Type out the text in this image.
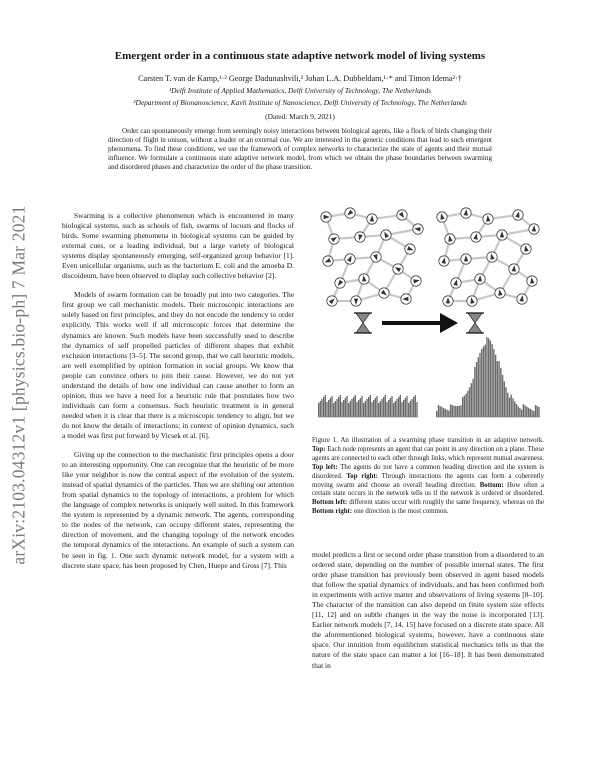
arXiv:2103.04312v1 [physics.bio-ph] 7 Mar 2021
Emergent order in a continuous state adaptive network model of living systems
Carsten T. van de Kamp,¹·² George Dadunashvili,² Johan L.A. Dubbeldam,¹·* and Timon Idema²·†
¹Delft Institute of Applied Mathematics, Delft University of Technology, The Netherlands
²Department of Bionanoscience, Kavli Institute of Nanoscience, Delft University of Technology, The Netherlands
(Dated: March 9, 2021)
Order can spontaneously emerge from seemingly noisy interactions between biological agents, like a flock of birds changing their direction of flight in unison, without a leader or an external cue. We are interested in the generic conditions that lead to such emergent phenomena. To find these conditions, we use the framework of complex networks to characterize the state of agents and their mutual influence. We formulate a continuous state adaptive network model, from which we obtain the phase boundaries between swarming and disordered phases and characterize the order of the phase transition.

Swarming is a collective phenomenon which is encountered in many biological systems, such as schools of fish, swarms of locusts and flocks of birds. Some swarming phenomena in biological systems can be guided by external cues, or a leading individual, but a large variety of biological systems display spontaneously emerging, self-organized group behavior [1]. Even unicellular organisms, such as the bacterium E. coli and the amoeba D. discoideum, have been observed to display such collective behavior [2].

Models of swarm formation can be broadly put into two categories. The first group we call mechanistic models. Their microscopic interactions are solely based on first principles, and they do not encode the tendency to order explicitly. This works well if all microscopic forces that determine the dynamics are known. Such models have been successfully used to describe the dynamics of self propelled particles of different shapes that exhibit exclusion interactions [3–5]. The second group, that we call heuristic models, are well exemplified by opinion formation in social groups. We know that people can convince others to join their cause. However, we do not yet understand the details of how one individual can cause another to form an opinion, thus we have a need for a heuristic rule that postulates how two individuals can form a consensus. Such heuristic treatment is in general needed when it is clear that there is a microscopic tendency to align, but we do not know the details of interactions; in context of opinion dynamics, such a model was first put forward by Vicsek et al. [6].

Giving up the connection to the mechanistic first principles opens a door to an interesting opportunity. One can recognize that the heuristic of be more like your neighbor is now the central aspect of the evolution of the system, instead of spatial dynamics of the particles. Thus we are shifting our attention from spatial dynamics to the topology of interactions, a problem for which the language of complex networks is uniquely well suited. In this framework the system is represented by a dynamic network. The agents, corresponding to the nodes of the network, can occupy different states, representing the direction of movement, and the changing topology of the network encodes the temporal dynamics of the interactions. An example of such a system can be seen in fig. 1. One such dynamic network model, for a system with a discrete state space, has been proposed by Chen, Huepe and Gross [7]. This

Figure 1. An illustration of a swarming phase transition in an adaptive network. Top: Each node represents an agent that can point in any direction on a plane. These agents are connected to each other through links, which represent mutual awareness. Top left: The agents do not have a common heading direction and the system is disordered. Top right: Through interactions the agents can form a coherently moving swarm and choose an overall heading direction. Bottom: How often a certain state occurs in the network tells us if the network is ordered or disordered. Bottom left: different states occur with roughly the same frequency, whereas on the Bottom right: one direction is the most common.

model predicts a first or second order phase transition from a disordered to an ordered state, depending on the number of possible internal states. The first order phase transition has previously been observed in agent based models that follow the spatial dynamics of individuals, and has been confirmed both in experiments with active matter and observations of living systems [8–10]. The character of the transition can also depend on finite system size effects [11, 12] and on subtle changes in the way the noise is incorporated [13]. Earlier network models [7, 14, 15] have focused on a discrete state space. All the aforementioned biological systems, however, have a continuous state space. Our intuition from equilibrium statistical mechanics tells us that the nature of the state space can matter a lot [16–18]. It has been demonstrated that in
